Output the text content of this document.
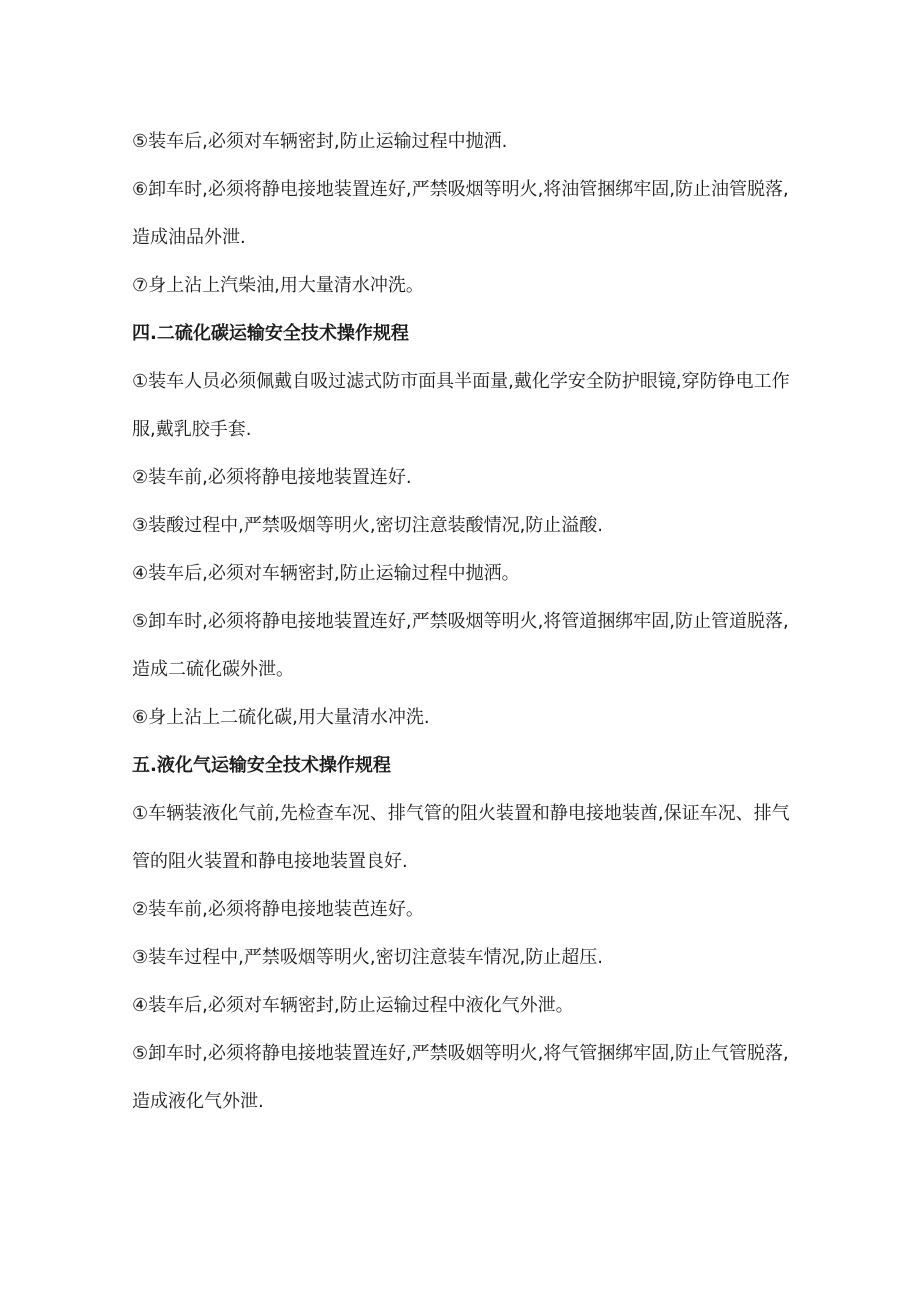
⑤装车后,必须对车辆密封,防止运输过程中抛洒.

⑥卸车时,必须将静电接地装置连好,严禁吸烟等明火,将油管捆绑牢固,防止油管脱落,造成油品外泄.

⑦身上沾上汽柴油,用大量清水冲洗。

四.二硫化碳运输安全技术操作规程

①装车人员必须佩戴自吸过滤式防市面具半面量,戴化学安全防护眼镜,穿防铮电工作服,戴乳胶手套.

②装车前,必须将静电接地装置连好.

③装酸过程中,严禁吸烟等明火,密切注意装酸情况,防止溢酸.

④装车后,必须对车辆密封,防止运输过程中抛洒。

⑤卸车时,必须将静电接地装置连好,严禁吸烟等明火,将管道捆绑牢固,防止管道脱落,造成二硫化碳外泄。

⑥身上沾上二硫化碳,用大量清水冲洗.

五.液化气运输安全技术操作规程

①车辆装液化气前,先检查车况、排气管的阻火装置和静电接地装酋,保证车况、排气管的阻火装置和静电接地装置良好.

②装车前,必须将静电接地装芭连好。

③装车过程中,严禁吸烟等明火,密切注意装车情况,防止超压.

④装车后,必须对车辆密封,防止运输过程中液化气外泄。

⑤卸车时,必须将静电接地装置连好,严禁吸姻等明火,将气管捆绑牢固,防止气管脱落,造成液化气外泄.
